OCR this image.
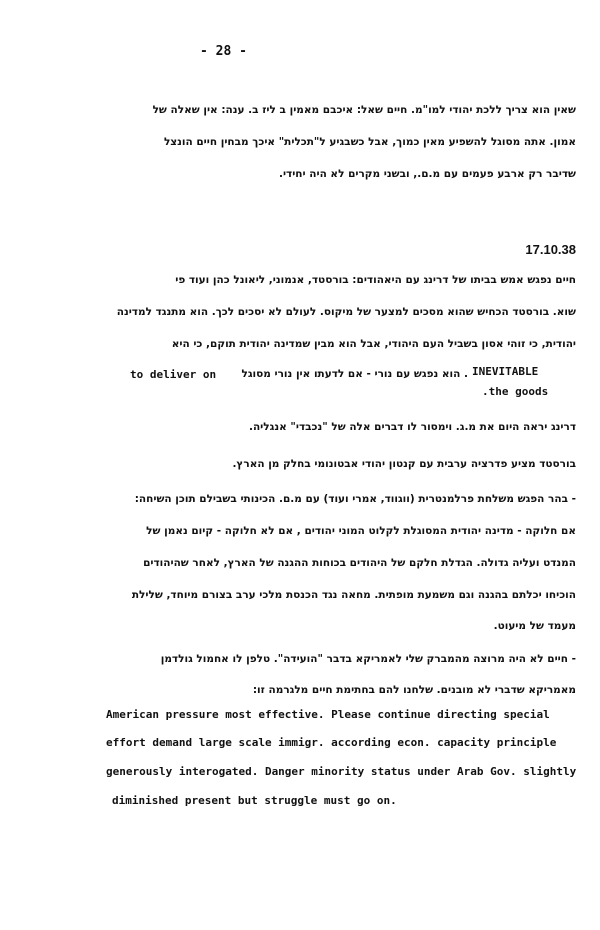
- 28 -
שאין הוא צריך ללכת יהודי למו"מ. חיים שאל: איכבם מאמין ב ליז ב. ענה: אין שאלה של
אמון. אתה מסוגל להשפיע מאין כמוך, אבל כשבגיע ל"תכלית" איכך מבחין חיים הונצל
שדיבר רק ארבע פעמים עם מ.ם., ובשני מקרים לא היה יחידי.
17.10.38
חיים נפגש אמש בביתו של דרינג עם היאהודים: בורסטד, אנמוני, ליאונל כהן ועוד פי
שוא. בורסטד הכחיש שהוא מסכים למצער של מיקוס. לעולם לא יסכים לכך. הוא מתנגד למדינה
יהודית, כי זוהי אסון בשביל העם היהודי, אבל הוא מבין שמדינה יהודית תוקם, כי היא
INEVITABLE
. הוא נפגש עם נורי - אם לדעתו אין נורי מסוגל
to deliver on
.the goods
דרינג יראה היום את מ.ג. וימסור לו דברים אלה של "נכבדי" אנגליה.
בורסטד מציע פדרציה ערבית עם קנטון יהודי אבטונומי בחלק מן הארץ.
- בהר הפגש משלחת פרלמנטרית (ווגווד, אמרי ועוד) עם מ.ם. הכינותי בשבילם תוכן השיחה:
אם חלוקה - מדינה יהודית המסוגלת לקלוט המוני יהודים , אם לא חלוקה - קיום נאמן של
המנדט ועליה גדולה. הגדלת חלקם של היהודים בכוחות ההגנה של הארץ, לאחר שהיהודים
הוכיחו יכלתם בהגנה וגם משמעת מופתית. מחאה נגד הכנסת מלכי ערב בצורם מיוחד, שלילת
מעמד של מיעוט.
- חיים לא היה מרוצה מהמברק שלי לאמריקא בדבר "הועידה". טלפן לו אחמול גולדמן
מאמריקא שדברי לא מובנים. שלחנו להם בחתימת חיים מלגרמה זו:
American pressure most effective. Please continue directing special
effort demand large scale immigr. according econ. capacity principle
generously interogated. Danger minority status under Arab Gov. slightly
diminished present but struggle must go on.
